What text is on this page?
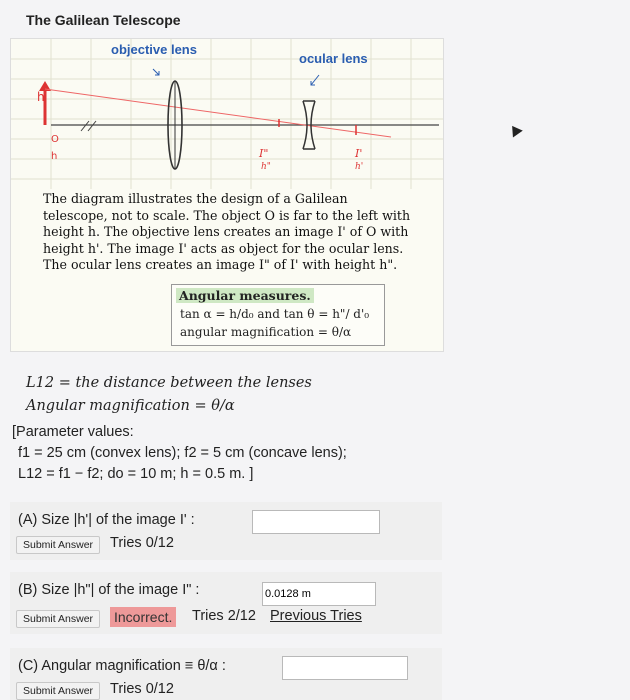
The Galilean Telescope
h
O
h	I"
h"
I'
h'
objective lens
ocular lens
The diagram illustrates the design of a Galilean telescope, not to scale. The object O is far to the left with height h. The objective lens creates an image I' of O with height h'. The image I' acts as object for the ocular lens. The ocular lens creates an image I" of I' with height h".
Angular measures.
tan α = h/d₀ and tan θ = h"/ d'₀
angular magnification = θ/α
L12 = the distance between the lenses
Angular magnification = θ/α
[Parameter values:
f1 = 25 cm (convex lens); f2 = 5 cm (concave lens);
L12 = f1 − f2; do = 10 m; h = 0.5 m. ]
(A) Size |h'| of the image I' :
Submit Answer	Tries 0/12
(B) Size |h"| of the image I" :
0.0128 m
Submit Answer	Incorrect. Tries 2/12 Previous Tries
(C) Angular magnification ≡ θ/α :
Submit Answer	Tries 0/12
